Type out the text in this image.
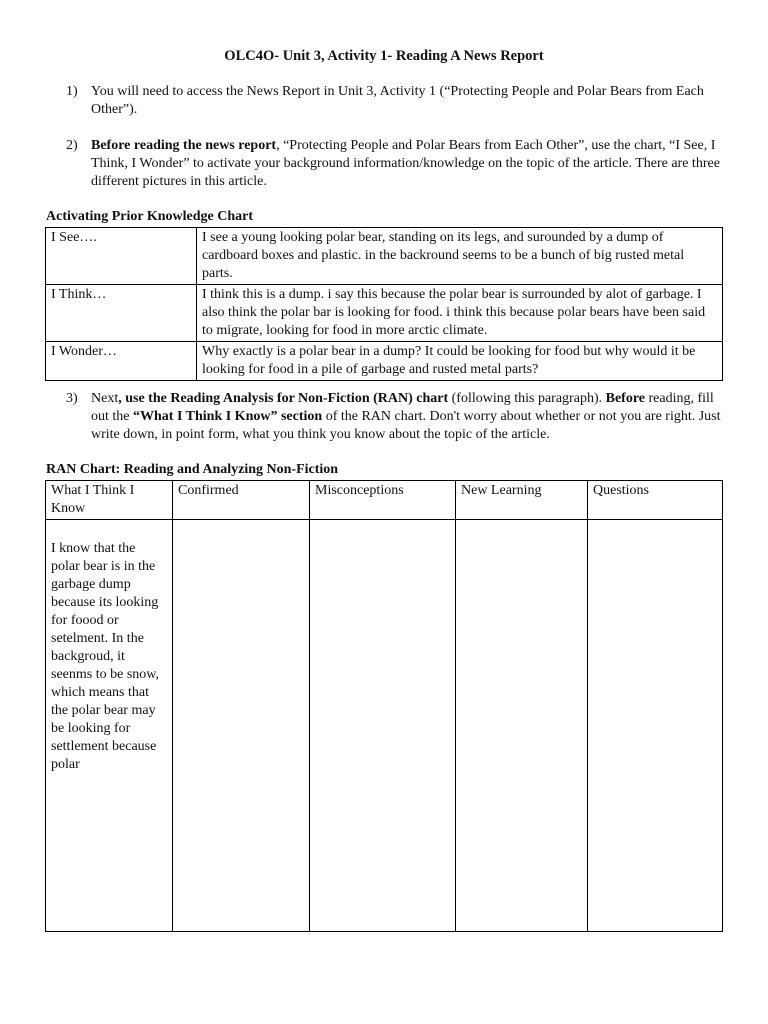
OLC4O- Unit 3, Activity 1- Reading A News Report
1) You will need to access the News Report in Unit 3, Activity 1 (“Protecting People and Polar Bears from Each Other”).
2) Before reading the news report, “Protecting People and Polar Bears from Each Other”, use the chart, “I See, I Think, I Wonder” to activate your background information/knowledge on the topic of the article. There are three different pictures in this article.
Activating Prior Knowledge Chart
I See….	I see a young looking polar bear, standing on its legs, and surounded by a dump of cardboard boxes and plastic. in the backround seems to be a bunch of big rusted metal parts.
I Think…	I think this is a dump. i say this because the polar bear is surrounded by alot of garbage. I also think the polar bar is looking for food. i think this because polar bears have been said to migrate, looking for food in more arctic climate.
I Wonder…	Why exactly is a polar bear in a dump? It could be looking for food but why would it be looking for food in a pile of garbage and rusted metal parts?
3) Next, use the Reading Analysis for Non-Fiction (RAN) chart (following this paragraph). Before reading, fill out the “What I Think I Know” section of the RAN chart. Don't worry about whether or not you are right. Just write down, in point form, what you think you know about the topic of the article.
RAN Chart: Reading and Analyzing Non-Fiction
What I Think I Know	Confirmed	Misconceptions	New Learning	Questions
I know that the polar bear is in the garbage dump because its looking for foood or setelment. In the backgroud, it seenms to be snow, which means that the polar bear may be looking for settlement because polar				
